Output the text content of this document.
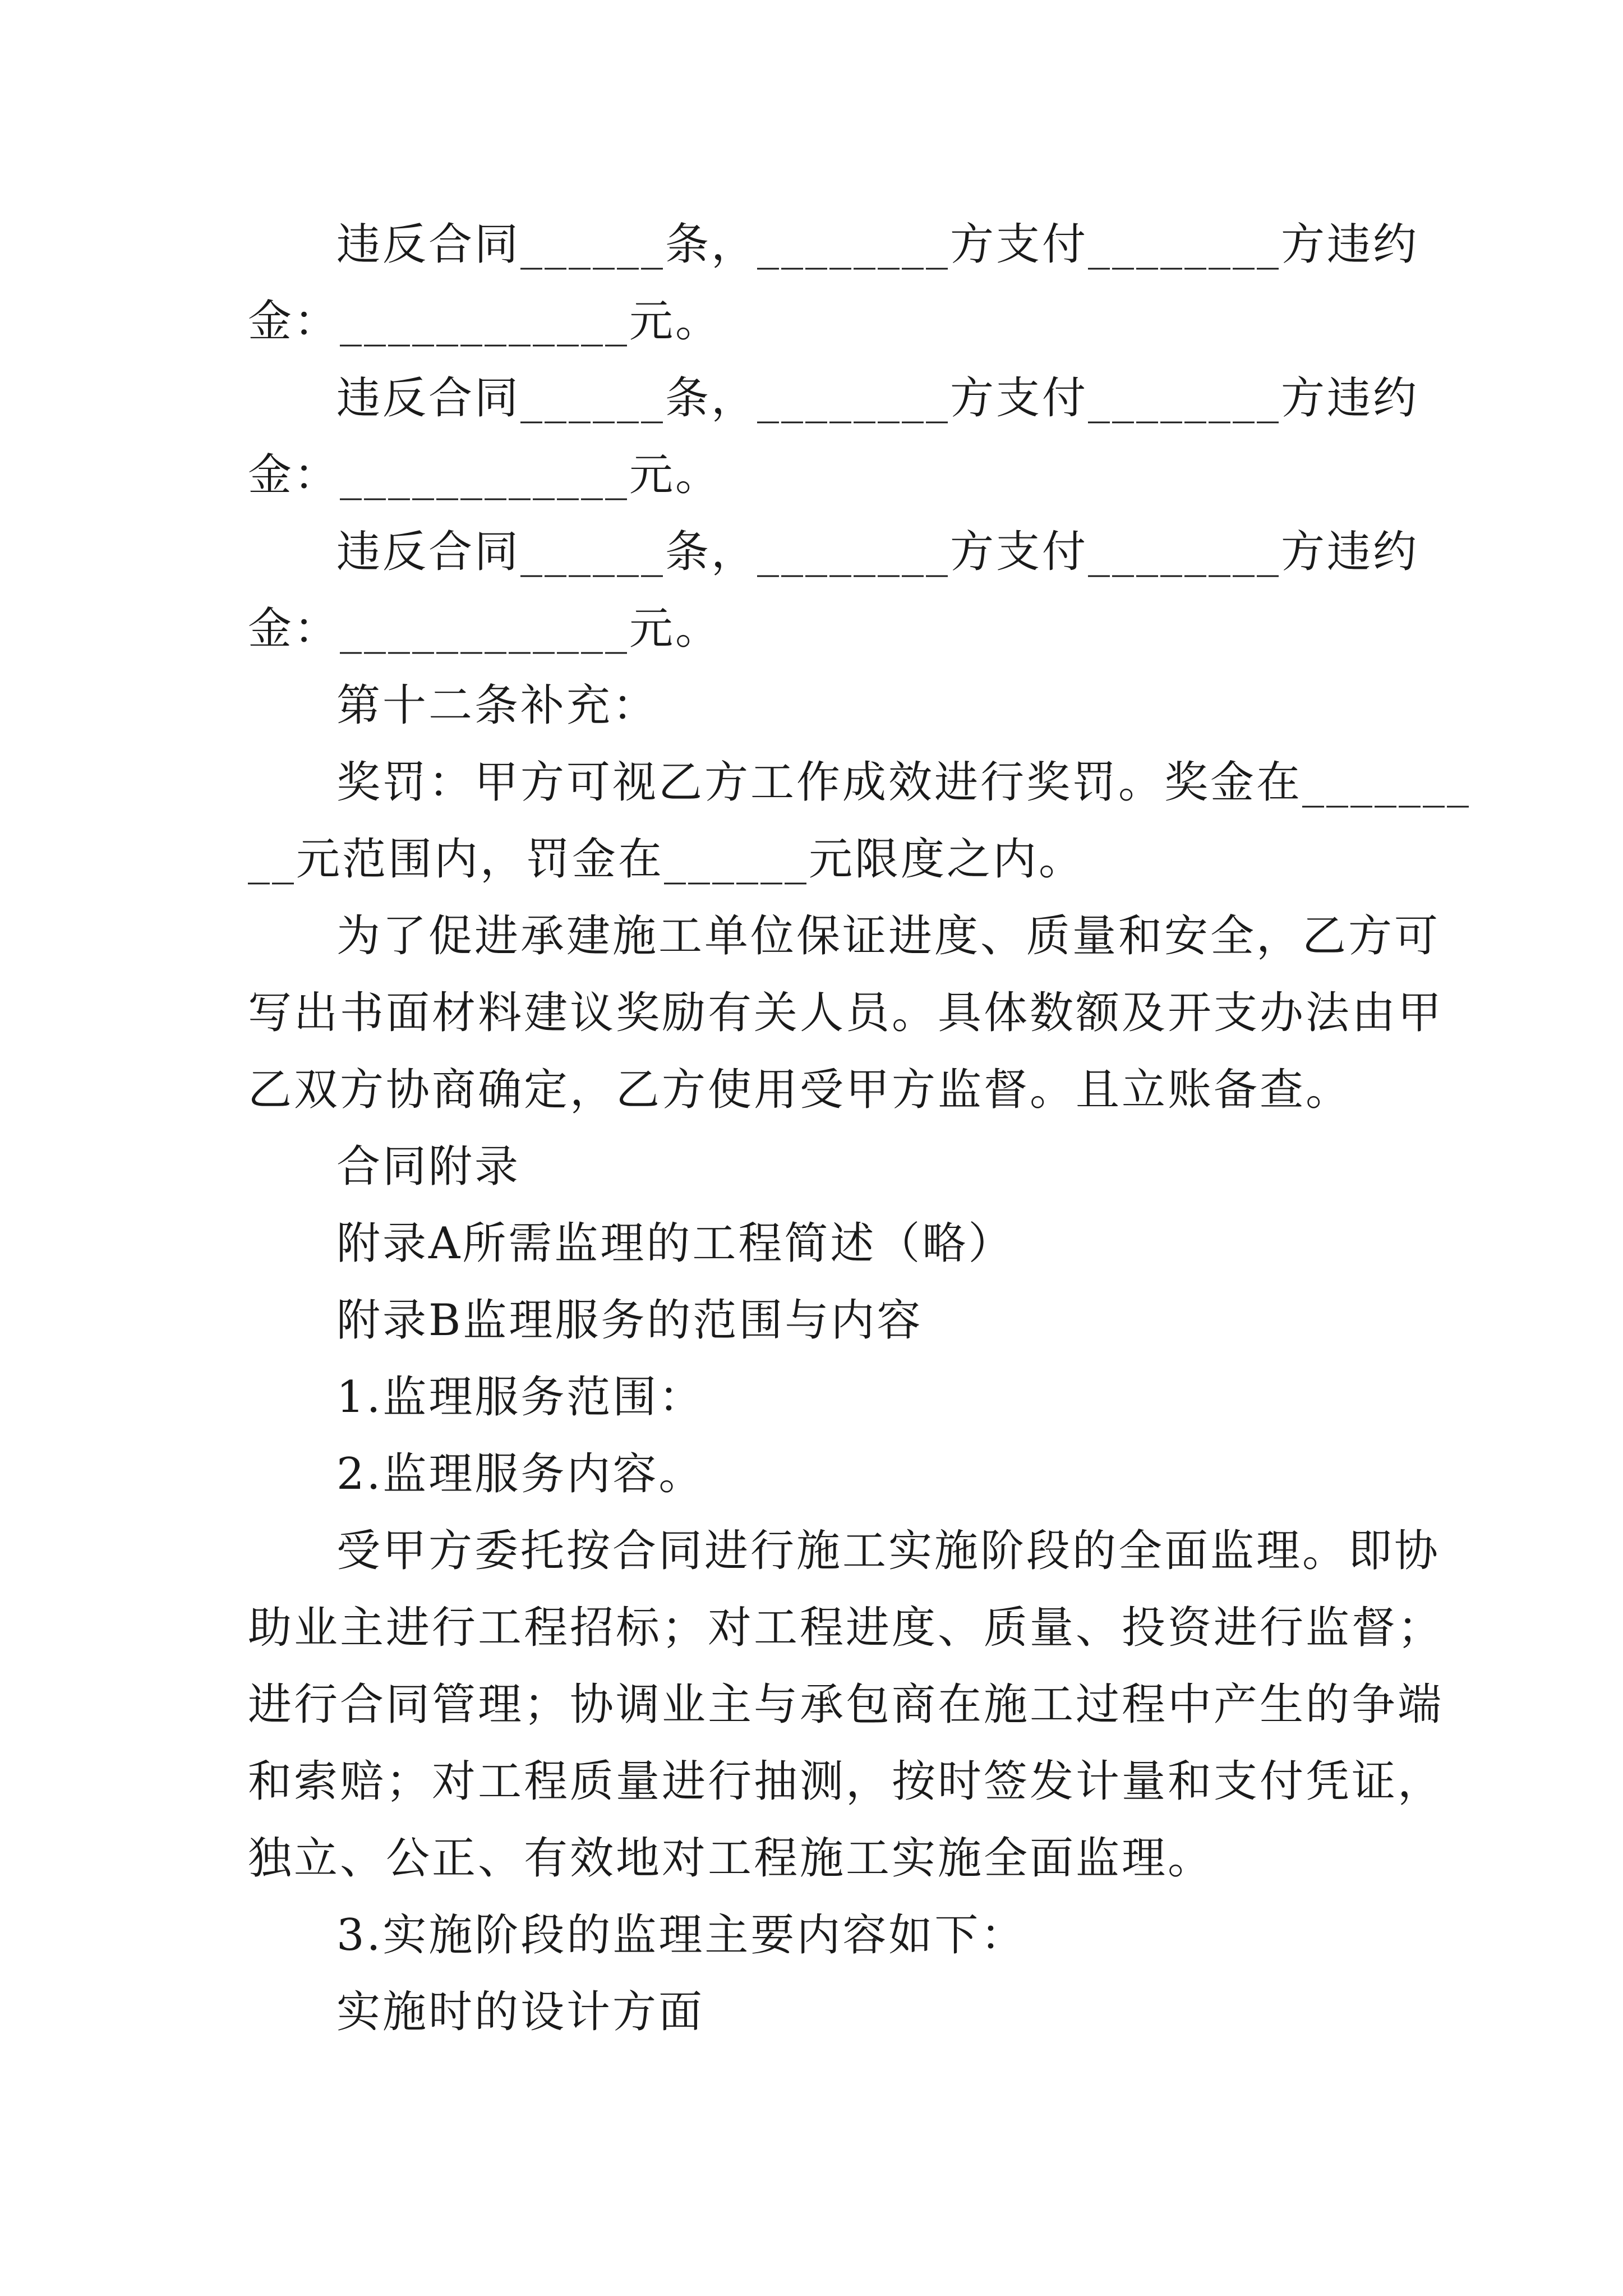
违反合同______条，________方支付________方违约
金：____________元。
违反合同______条，________方支付________方违约
金：____________元。
违反合同______条，________方支付________方违约
金：____________元。
第十二条补充：
奖罚：甲方可视乙方工作成效进行奖罚。奖金在_______
__元范围内，罚金在______元限度之内。
为了促进承建施工单位保证进度、质量和安全，乙方可
写出书面材料建议奖励有关人员。具体数额及开支办法由甲
乙双方协商确定，乙方使用受甲方监督。且立账备查。
合同附录
附录A所需监理的工程简述（略）
附录B监理服务的范围与内容
1.监理服务范围：
2.监理服务内容。
受甲方委托按合同进行施工实施阶段的全面监理。即协
助业主进行工程招标；对工程进度、质量、投资进行监督；
进行合同管理；协调业主与承包商在施工过程中产生的争端
和索赔；对工程质量进行抽测，按时签发计量和支付凭证，
独立、公正、有效地对工程施工实施全面监理。
3.实施阶段的监理主要内容如下：
实施时的设计方面
